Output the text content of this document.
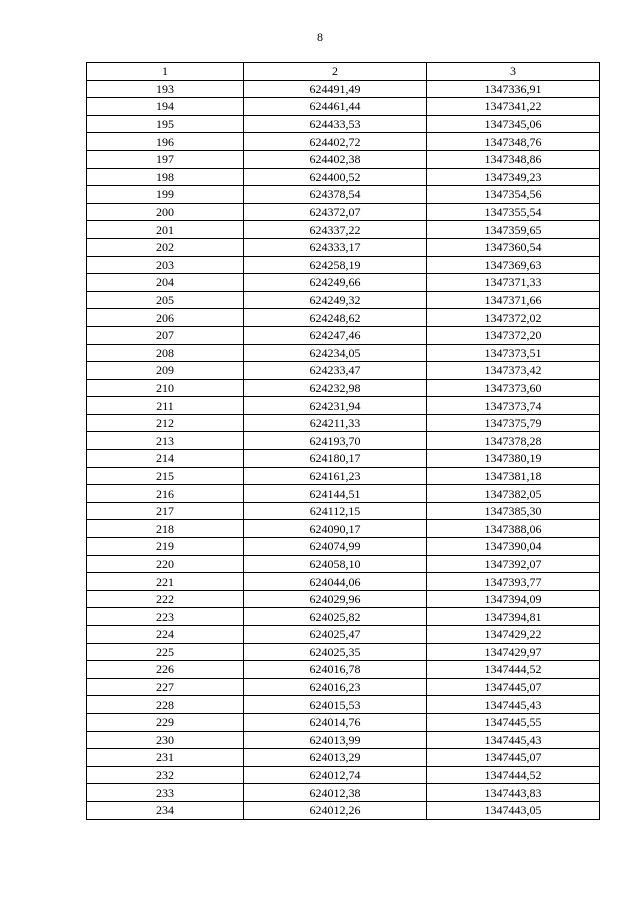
8
1	2	3
193	624491,49	1347336,91
194	624461,44	1347341,22
195	624433,53	1347345,06
196	624402,72	1347348,76
197	624402,38	1347348,86
198	624400,52	1347349,23
199	624378,54	1347354,56
200	624372,07	1347355,54
201	624337,22	1347359,65
202	624333,17	1347360,54
203	624258,19	1347369,63
204	624249,66	1347371,33
205	624249,32	1347371,66
206	624248,62	1347372,02
207	624247,46	1347372,20
208	624234,05	1347373,51
209	624233,47	1347373,42
210	624232,98	1347373,60
211	624231,94	1347373,74
212	624211,33	1347375,79
213	624193,70	1347378,28
214	624180,17	1347380,19
215	624161,23	1347381,18
216	624144,51	1347382,05
217	624112,15	1347385,30
218	624090,17	1347388,06
219	624074,99	1347390,04
220	624058,10	1347392,07
221	624044,06	1347393,77
222	624029,96	1347394,09
223	624025,82	1347394,81
224	624025,47	1347429,22
225	624025,35	1347429,97
226	624016,78	1347444,52
227	624016,23	1347445,07
228	624015,53	1347445,43
229	624014,76	1347445,55
230	624013,99	1347445,43
231	624013,29	1347445,07
232	624012,74	1347444,52
233	624012,38	1347443,83
234	624012,26	1347443,05
